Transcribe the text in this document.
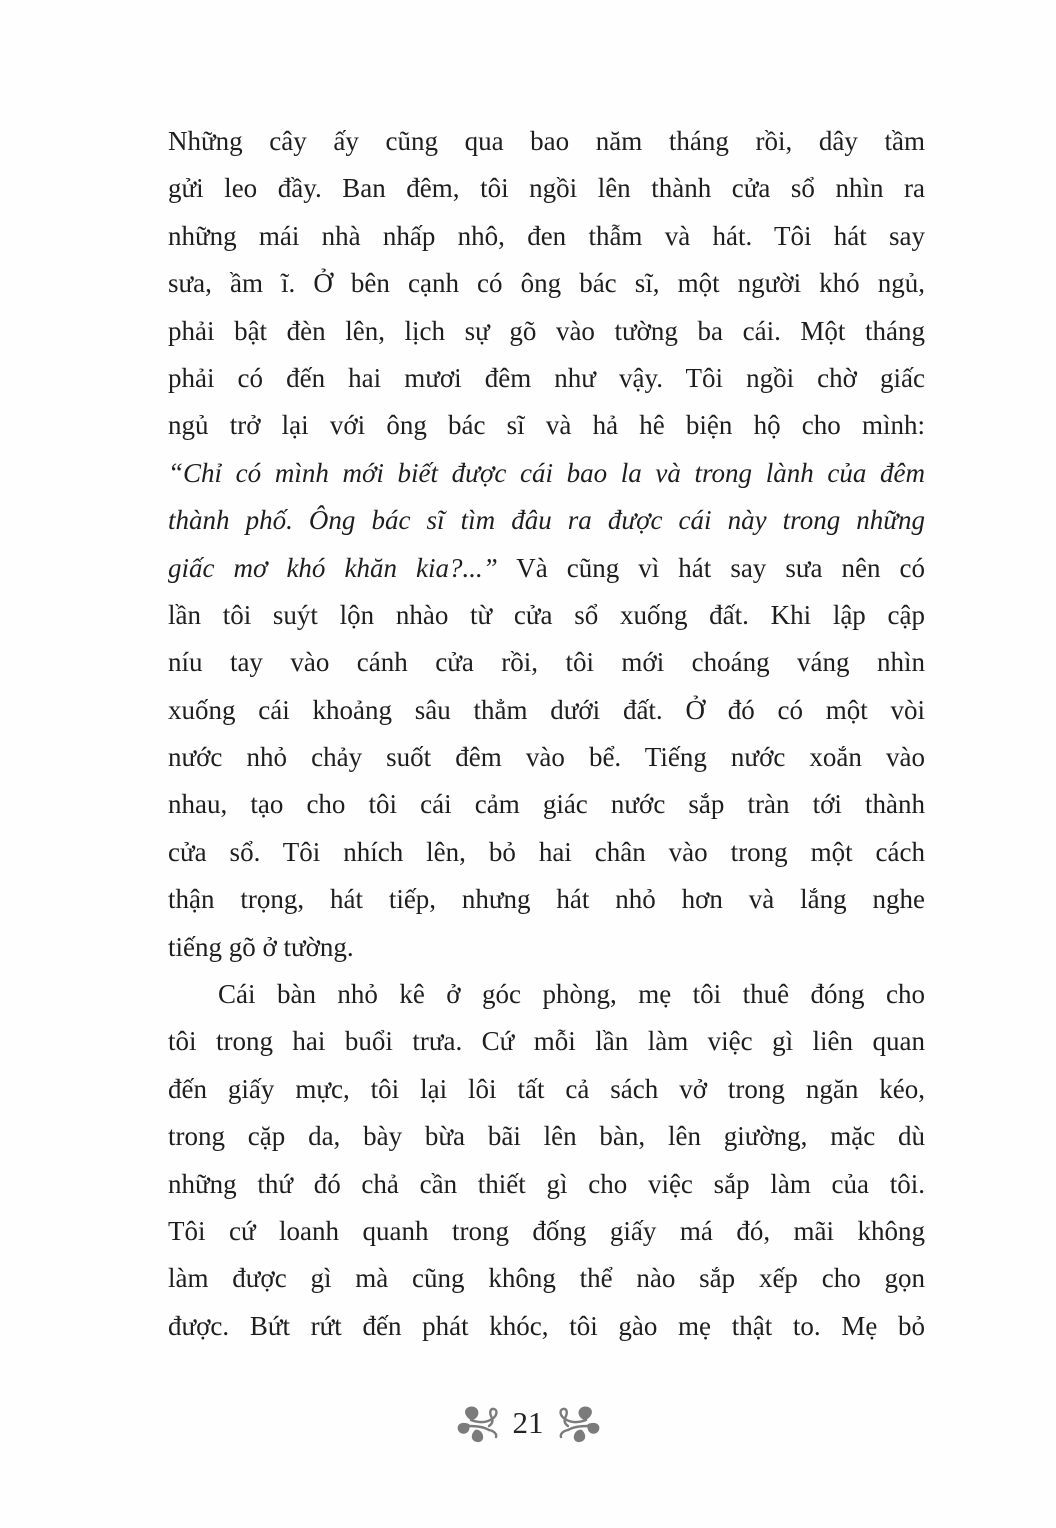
Những cây ấy cũng qua bao năm tháng rồi, dây tầm
gửi leo đầy. Ban đêm, tôi ngồi lên thành cửa sổ nhìn ra
những mái nhà nhấp nhô, đen thẫm và hát. Tôi hát say
sưa, ầm ĩ. Ở bên cạnh có ông bác sĩ, một người khó ngủ,
phải bật đèn lên, lịch sự gõ vào tường ba cái. Một tháng
phải có đến hai mươi đêm như vậy. Tôi ngồi chờ giấc
ngủ trở lại với ông bác sĩ và hả hê biện hộ cho mình:
“Chỉ có mình mới biết được cái bao la và trong lành của đêm
thành phố. Ông bác sĩ tìm đâu ra được cái này trong những
giấc mơ khó khăn kia?...” Và cũng vì hát say sưa nên có
lần tôi suýt lộn nhào từ cửa sổ xuống đất. Khi lập cập
níu tay vào cánh cửa rồi, tôi mới choáng váng nhìn
xuống cái khoảng sâu thẳm dưới đất. Ở đó có một vòi
nước nhỏ chảy suốt đêm vào bể. Tiếng nước xoắn vào
nhau, tạo cho tôi cái cảm giác nước sắp tràn tới thành
cửa sổ. Tôi nhích lên, bỏ hai chân vào trong một cách
thận trọng, hát tiếp, nhưng hát nhỏ hơn và lắng nghe
tiếng gõ ở tường.
Cái bàn nhỏ kê ở góc phòng, mẹ tôi thuê đóng cho
tôi trong hai buổi trưa. Cứ mỗi lần làm việc gì liên quan
đến giấy mực, tôi lại lôi tất cả sách vở trong ngăn kéo,
trong cặp da, bày bừa bãi lên bàn, lên giường, mặc dù
những thứ đó chả cần thiết gì cho việc sắp làm của tôi.
Tôi cứ loanh quanh trong đống giấy má đó, mãi không
làm được gì mà cũng không thể nào sắp xếp cho gọn
được. Bứt rứt đến phát khóc, tôi gào mẹ thật to. Mẹ bỏ
21
